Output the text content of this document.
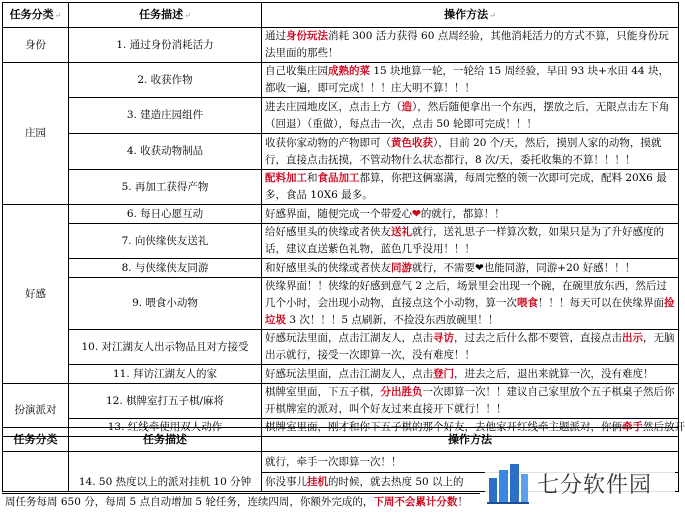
任务分类↵	任务描述↵	操作方法↵
身份	1. 通过身份消耗活力	通过身份玩法消耗 300 活力获得 60 点周经验，其他消耗活力的方式不算，只能身份玩法里面的那些！
庄园	2. 收获作物	自己收集庄园成熟的菜 15 块地算一轮，一轮给 15 周经验，早田 93 块+水田 44 块，都收一遍，即可完成！！！庄大明不算！！！
	3. 建造庄园组件	进去庄园地皮区，点击上方（造），然后随便拿出一个东西，摆放之后，无限点击左下角（回退）（重做），每点击一次，点击 50 轮即可完成！！！
	4. 收获动物制品	收获你家动物的产物即可（黄色收获），目前 20 个/天，然后，摸别人家的动物，摸就行，直接点击抚摸，不管动物什么状态都行，8 次/天，委托收集的不算！！！！
	5. 再加工获得产物	配料加工和食品加工都算，你把这俩塞满，每周完整的领一次即可完成，配料 20X6 最多，食品 10X6 最多。
好感	6. 每日心愿互动	好感界面，随便完成一个带爱心❤的就行，都算！！
	7. 向侠缘侠友送礼	给好感里头的侠缘或者侠友送礼就行，送礼思子一样算次数，如果只是为了升好感度的话，建议直送紫色礼物，蓝色几乎没用！！！
	8. 与侠缘侠友同游	和好感里头的侠缘或者侠友同游就行，不需要❤也能同游，同游+20 好感！！！
	9. 喂食小动物	侠缘界面！！侠缘的好感到意气 2 之后，场景里会出现一个碗，在碗里放东西，然后过几个小时，会出现小动物，直接点这个小动物，算一次喂食！！！每天可以在侠缘界面捡垃圾 3 次！！！5 点刷新，不捡没东西放碗里！！
	10. 对江湖友人出示物品且对方接受	好感玩法里面，点击江湖友人，点击寻访，过去之后什么都不要管，直接点击出示，无脑出示就行，接受一次即算一次，没有难度！！
	11. 拜访江湖友人的家	好感玩法里面，点击江湖友人，点击登门，进去之后，退出来就算一次，没有难度！
扮演派对	12. 棋牌室打五子棋/麻将	棋牌室里面，下五子棋，分出胜负一次即算一次！！建议自己家里放个五子棋桌子然后你开棋牌室的派对，叫个好友过来直接开下就行！！！
	13. 红线牵使用双人动作	棋牌室里面，刚才和你下五子棋的那个好友，去他家开红线牵主题派对，你俩牵手然后放开
任务分类	任务描述	操作方法
	14. 50 热度以上的派对挂机 10 分钟	就行，牵手一次即算一次！！
		你没事儿挂机的时候，就去热度 50 以上的
周任务每周 650 分，每周 5 点自动增加 5 轮任务，连续四周，你额外完成的，下周不会累计分数！
七分软件园
